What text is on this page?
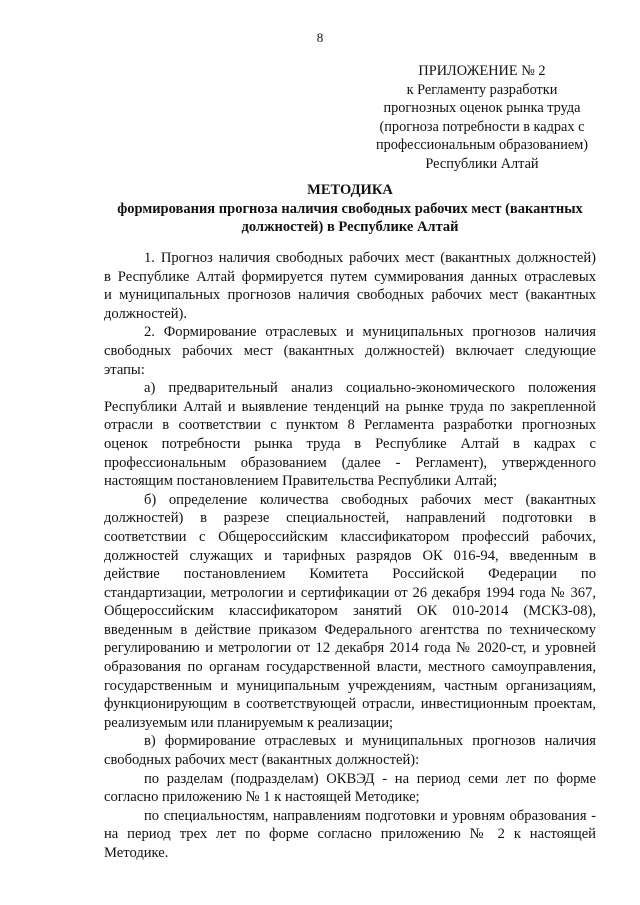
8
ПРИЛОЖЕНИЕ № 2
к Регламенту разработки
прогнозных оценок рынка труда
(прогноза потребности в кадрах с
профессиональным образованием)
Республики Алтай
МЕТОДИКА
формирования прогноза наличия свободных рабочих мест (вакантных
должностей) в Республике Алтай

1. Прогноз наличия свободных рабочих мест (вакантных должностей) в Республике Алтай формируется путем суммирования данных отраслевых и муниципальных прогнозов наличия свободных рабочих мест (вакантных должностей).

2. Формирование отраслевых и муниципальных прогнозов наличия свободных рабочих мест (вакантных должностей) включает следующие этапы:

а) предварительный анализ социально-экономического положения Республики Алтай и выявление тенденций на рынке труда по закрепленной отрасли в соответствии с пунктом 8 Регламента разработки прогнозных оценок потребности рынка труда в Республике Алтай в кадрах с профессиональным образованием (далее - Регламент), утвержденного настоящим постановлением Правительства Республики Алтай;

б) определение количества свободных рабочих мест (вакантных должностей) в разрезе специальностей, направлений подготовки в соответствии с Общероссийским классификатором профессий рабочих, должностей служащих и тарифных разрядов ОК 016-94, введенным в действие постановлением Комитета Российской Федерации по стандартизации, метрологии и сертификации от 26 декабря 1994 года № 367, Общероссийским классификатором занятий ОК 010-2014 (МСКЗ-08), введенным в действие приказом Федерального агентства по техническому регулированию и метрологии от 12 декабря 2014 года № 2020-ст, и уровней образования по органам государственной власти, местного самоуправления, государственным и муниципальным учреждениям, частным организациям, функционирующим в соответствующей отрасли, инвестиционным проектам, реализуемым или планируемым к реализации;

в) формирование отраслевых и муниципальных прогнозов наличия свободных рабочих мест (вакантных должностей):

по разделам (подразделам) ОКВЭД - на период семи лет по форме согласно приложению № 1 к настоящей Методике;

по специальностям, направлениям подготовки и уровням образования - на период трех лет по форме согласно приложению № 2 к настоящей Методике.
